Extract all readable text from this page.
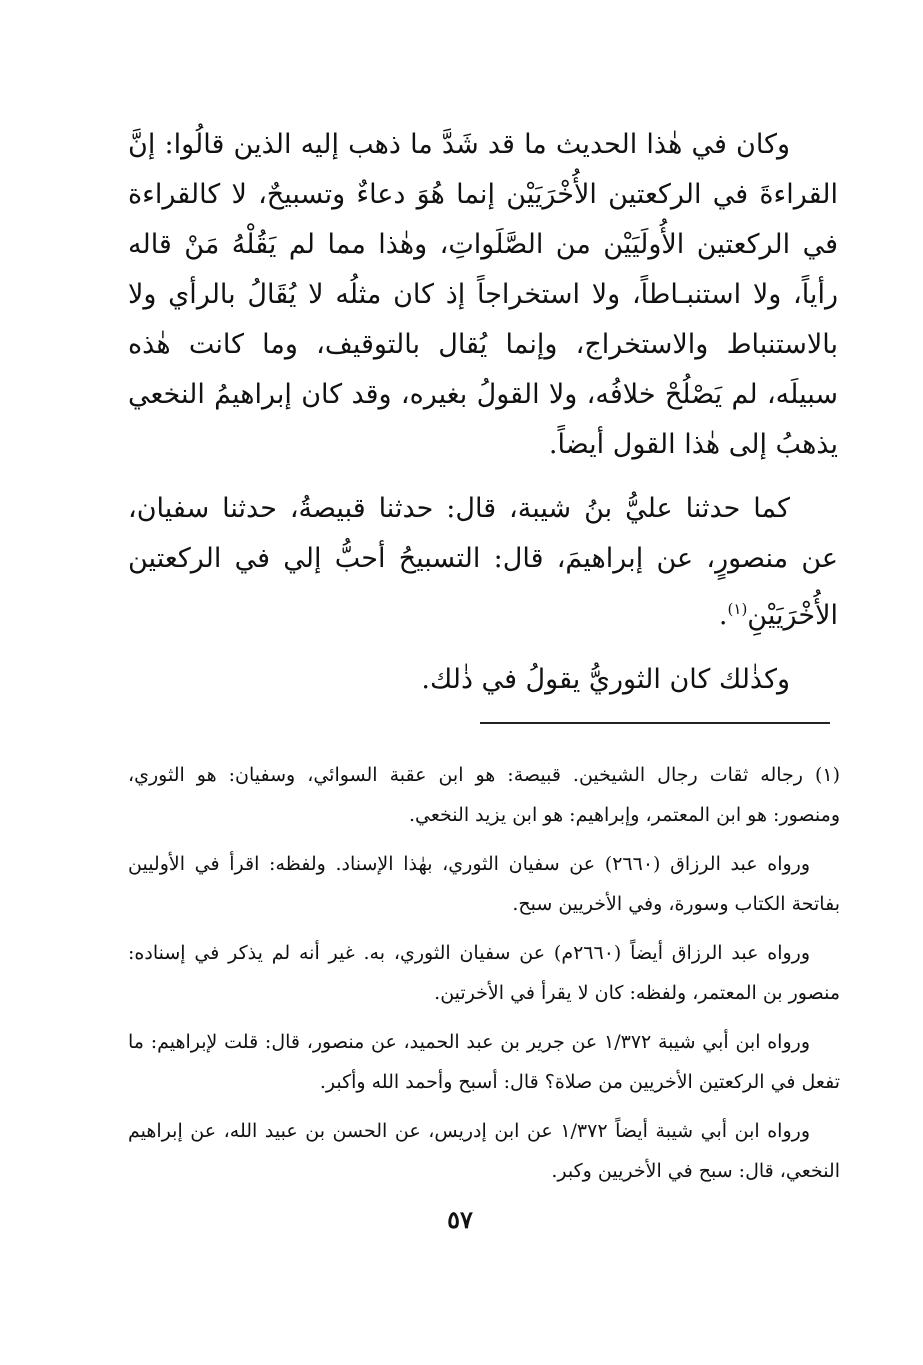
وكان في هٰذا الحديث ما قد شَدَّ ما ذهب إليه الذين قالُوا: إنَّ القراءةَ في الركعتين الأُخْرَيَيْن إنما هُوَ دعاءٌ وتسبيحٌ، لا كالقراءة في الركعتين الأُولَيَيْن من الصَّلَواتِ، وهٰذا مما لم يَقُلْهُ مَنْ قاله رأياً، ولا استنبـاطاً، ولا استخراجاً إذ كان مثلُه لا يُقَالُ بالرأي ولا بالاستنباط والاستخراج، وإنما يُقال بالتوقيف، وما كانت هٰذه سبيلَه، لم يَصْلُحْ خلافُه، ولا القولُ بغيره، وقد كان إبراهيمُ النخعي يذهبُ إلى هٰذا القول أيضاً.

كما حدثنا عليُّ بنُ شيبة، قال: حدثنا قبيصةُ، حدثنا سفيان، عن منصورٍ، عن إبراهيمَ، قال: التسبيحُ أحبُّ إلي في الركعتين الأُخْرَيَيْنِ$^{(١)}$.

وكذٰلك كان الثوريُّ يقولُ في ذٰلك.

(١) رجاله ثقات رجال الشيخين. قبيصة: هو ابن عقبة السوائي، وسفيان: هو الثوري، ومنصور: هو ابن المعتمر، وإبراهيم: هو ابن يزيد النخعي.

ورواه عبد الرزاق (٢٦٦٠) عن سفيان الثوري، بهٰذا الإسناد. ولفظه: اقرأ في الأوليين بفاتحة الكتاب وسورة، وفي الأخريين سبح.

ورواه عبد الرزاق أيضاً (٢٦٦٠م) عن سفيان الثوري، به. غير أنه لم يذكر في إسناده: منصور بن المعتمر، ولفظه: كان لا يقرأ في الأخرتين.

ورواه ابن أبي شيبة ١/٣٧٢ عن جرير بن عبد الحميد، عن منصور، قال: قلت لإبراهيم: ما تفعل في الركعتين الأخريين من صلاة؟ قال: أسبح وأحمد الله وأكبر.

ورواه ابن أبي شيبة أيضاً ١/٣٧٢ عن ابن إدريس، عن الحسن بن عبيد الله، عن إبراهيم النخعي، قال: سبح في الأخريين وكبر.

٥٧
